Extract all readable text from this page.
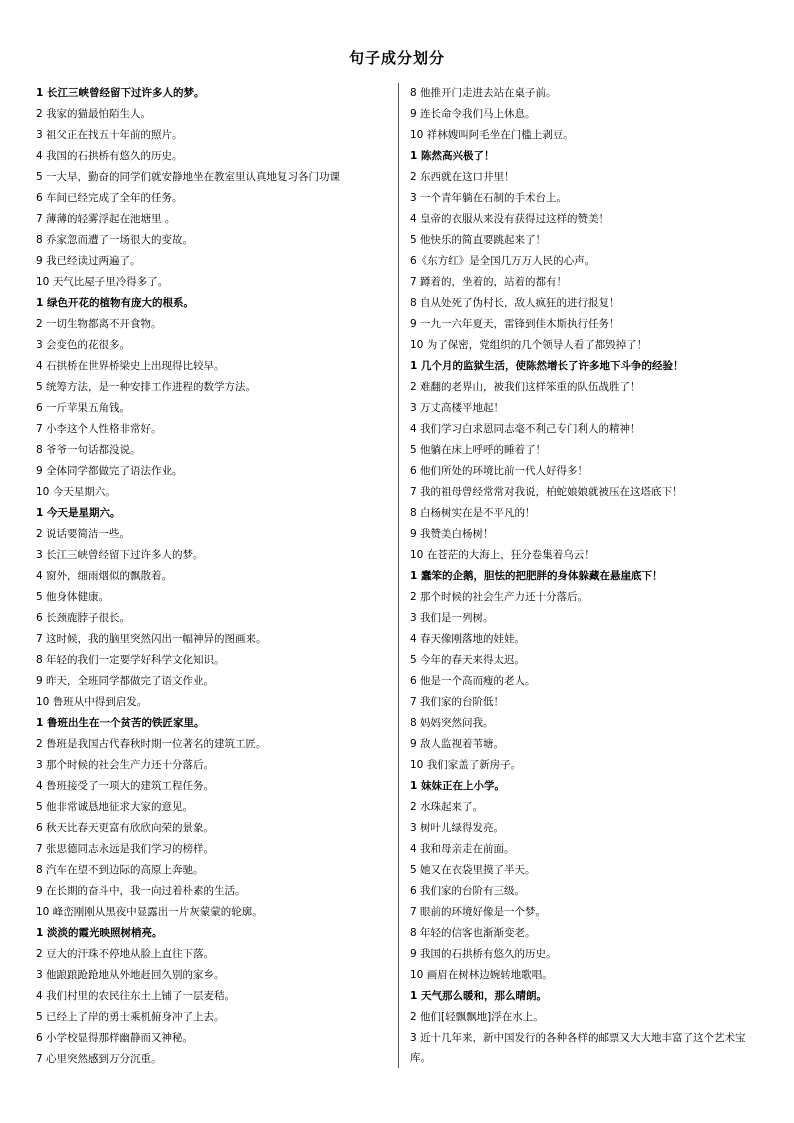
句子成分划分
1 长江三峡曾经留下过许多人的梦。
2 我家的猫最怕陌生人。
3 祖父正在找五十年前的照片。
4 我国的石拱桥有悠久的历史。
5 一大早，勤奋的同学们就安静地坐在教室里认真地复习各门功课
6 车间已经完成了全年的任务。
7 薄薄的轻雾浮起在池塘里 。
8 乔家忽而遭了一场很大的变故。
9 我已经读过两遍了。
10 天气比屋子里冷得多了。
1 绿色开花的植物有庞大的根系。
2 一切生物都离不开食物。
3 会变色的花很多。
4 石拱桥在世界桥梁史上出现得比较早。
5 统筹方法，是一种安排工作进程的数学方法。
6 一斤苹果五角钱。
7 小李这个人性格非常好。
8 爷爷一句话都没说。
9 全体同学都做完了语法作业。
10 今天星期六。
1 今天是星期六。
2 说话要简洁一些。
3 长江三峡曾经留下过许多人的梦。
4 窗外，细雨烟似的飘散着。
5 他身体健康。
6 长颈鹿脖子很长。
7 这时候，我的脑里突然闪出一幅神异的图画来。
8 年轻的我们一定要学好科学文化知识。
9 昨天，全班同学都做完了语文作业。
10 鲁班从中得到启发。
1 鲁班出生在一个贫苦的铁匠家里。
2 鲁班是我国古代春秋时期一位著名的建筑工匠。
3 那个时候的社会生产力还十分落后。
4 鲁班接受了一项大的建筑工程任务。
5 他非常诚恳地征求大家的意见。
6 秋天比春天更富有欣欣向荣的景象。
7 张思德同志永远是我们学习的榜样。
8 汽车在望不到边际的高原上奔驰。
9 在长期的奋斗中，我一向过着朴素的生活。
10 峰峦刚刚从黑夜中显露出一片灰蒙蒙的轮廓。
1 淡淡的霞光映照树梢亮。
2 豆大的汗珠不停地从脸上直往下落。
3 他踉踉跄跄地从外地赶回久别的家乡。
4 我们村里的农民往东土上铺了一层麦秸。
5 已经上了岸的勇士乘机俯身冲了上去。
6 小学校显得那样幽静而又神秘。
7 心里突然感到万分沉重。
8 他推开门走进去站在桌子前。
9 连长命令我们马上休息。
10 祥林嫂叫阿毛坐在门槛上剥豆。
1 陈然高兴极了！
2 东西就在这口井里！
3 一个青年躺在石制的手术台上。
4 皇帝的衣服从来没有获得过这样的赞美！
5 他快乐的简直要跳起来了！
6《东方红》是全国几万万人民的心声。
7 蹲着的，坐着的，站着的都有！
8 自从处死了伪村长，敌人疯狂的进行报复！
9 一九一六年夏天，雷锋到佳木斯执行任务！
10 为了保密，党组织的几个领导人看了都毁掉了！
1 几个月的监狱生活，使陈然增长了许多地下斗争的经验！
2 难翻的老界山，被我们这样笨重的队伍战胜了！
3 万丈高楼平地起！
4 我们学习白求恩同志毫不利己专门利人的精神！
5 他躺在床上呼呼的睡着了！
6 他们所处的环境比前一代人好得多！
7 我的祖母曾经常常对我说，柏蛇娘娘就被压在这塔底下！
8 白杨树实在是不平凡的！
9 我赞美白杨树！
10 在苍茫的大海上，狂分卷集着乌云！
1 蠢笨的企鹅，胆怯的把肥胖的身体躲藏在悬崖底下！
2 那个时候的社会生产力还十分落后。
3 我们是一列树。
4 春天像刚落地的娃娃。
5 今年的春天来得太迟。
6 他是一个高而瘦的老人。
7 我们家的台阶低！
8 妈妈突然问我。
9 敌人监视着苇塘。
10 我们家盖了新房子。
1 妹妹正在上小学。
2 水珠起来了。
3 树叶儿绿得发亮。
4 我和母亲走在前面。
5 她又在衣袋里摸了半天。
6 我们家的台阶有三级。
7 眼前的环境好像是一个梦。
8 年轻的信客也渐渐变老。
9 我国的石拱桥有悠久的历史。
10 画眉在树林边婉转地歌唱。
1 天气那么暖和，那么晴朗。
2 他们[轻飘飘地]浮在水上。
3 近十几年来，新中国发行的各种各样的邮票又大大地丰富了这个艺术宝库。
